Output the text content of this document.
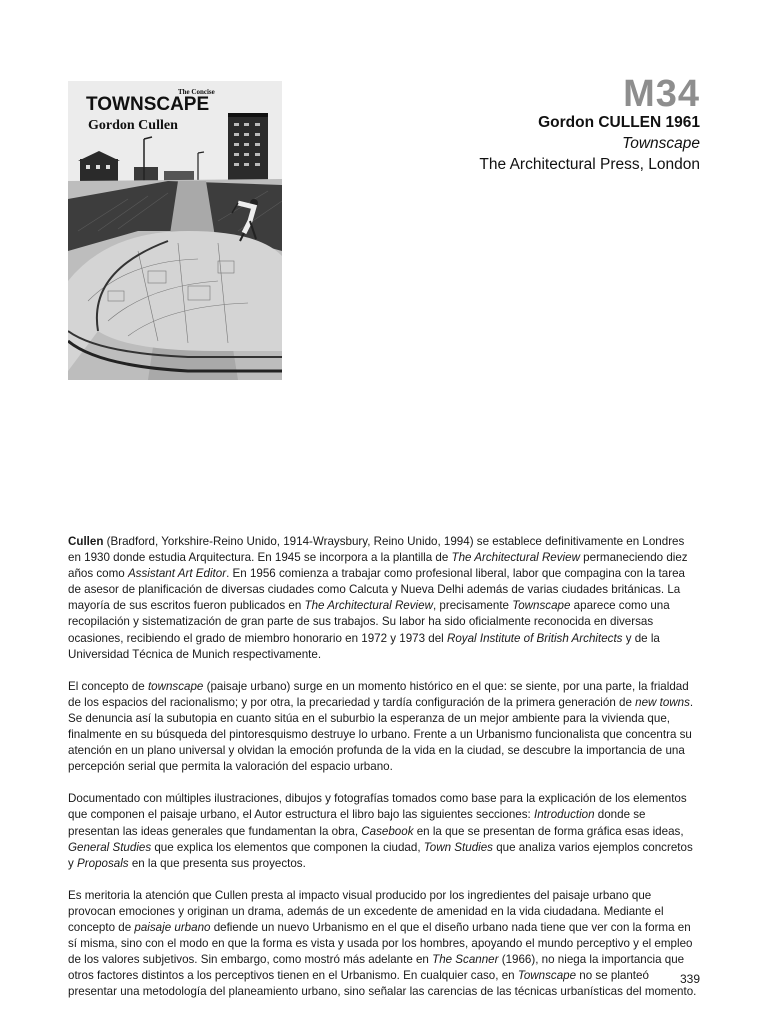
The Concise
TOWNSCAPE
Gordon Cullen
M34
Gordon CULLEN 1961
Townscape
The Architectural Press, London

Cullen (Bradford, Yorkshire-Reino Unido, 1914-Wraysbury, Reino Unido, 1994) se establece definitivamente en Londres en 1930 donde estudia Arquitectura. En 1945 se incorpora a la plantilla de The Architectural Review permaneciendo diez años como Assistant Art Editor. En 1956 comienza a trabajar como profesional liberal, labor que compagina con la tarea de asesor de planificación de diversas ciudades como Calcuta y Nueva Delhi además de varias ciudades británicas. La mayoría de sus escritos fueron publicados en The Architectural Review, precisamente Townscape aparece como una recopilación y sistematización de gran parte de sus trabajos. Su labor ha sido oficialmente reconocida en diversas ocasiones, recibiendo el grado de miembro honorario en 1972 y 1973 del Royal Institute of British Architects y de la Universidad Técnica de Munich respectivamente.

El concepto de townscape (paisaje urbano) surge en un momento histórico en el que: se siente, por una parte, la frialdad de los espacios del racionalismo; y por otra, la precariedad y tardía configuración de la primera generación de new towns. Se denuncia así la subutopia en cuanto sitúa en el suburbio la esperanza de un mejor ambiente para la vivienda que, finalmente en su búsqueda del pintoresquismo destruye lo urbano. Frente a un Urbanismo funcionalista que concentra su atención en un plano universal y olvidan la emoción profunda de la vida en la ciudad, se descubre la importancia de una percepción serial que permita la valoración del espacio urbano.

Documentado con múltiples ilustraciones, dibujos y fotografías tomados como base para la explicación de los elementos que componen el paisaje urbano, el Autor estructura el libro bajo las siguientes secciones: Introduction donde se presentan las ideas generales que fundamentan la obra, Casebook en la que se presentan de forma gráfica esas ideas, General Studies que explica los elementos que componen la ciudad, Town Studies que analiza varios ejemplos concretos y Proposals en la que presenta sus proyectos.

Es meritoria la atención que Cullen presta al impacto visual producido por los ingredientes del paisaje urbano que provocan emociones y originan un drama, además de un excedente de amenidad en la vida ciudadana. Mediante el concepto de paisaje urbano defiende un nuevo Urbanismo en el que el diseño urbano nada tiene que ver con la forma en sí misma, sino con el modo en que la forma es vista y usada por los hombres, apoyando el mundo perceptivo y el empleo de los valores subjetivos. Sin embargo, como mostró más adelante en The Scanner (1966), no niega la importancia que otros factores distintos a los perceptivos tienen en el Urbanismo. En cualquier caso, en Townscape no se planteó presentar una metodología del planeamiento urbano, sino señalar las carencias de las técnicas urbanísticas del momento.

339
